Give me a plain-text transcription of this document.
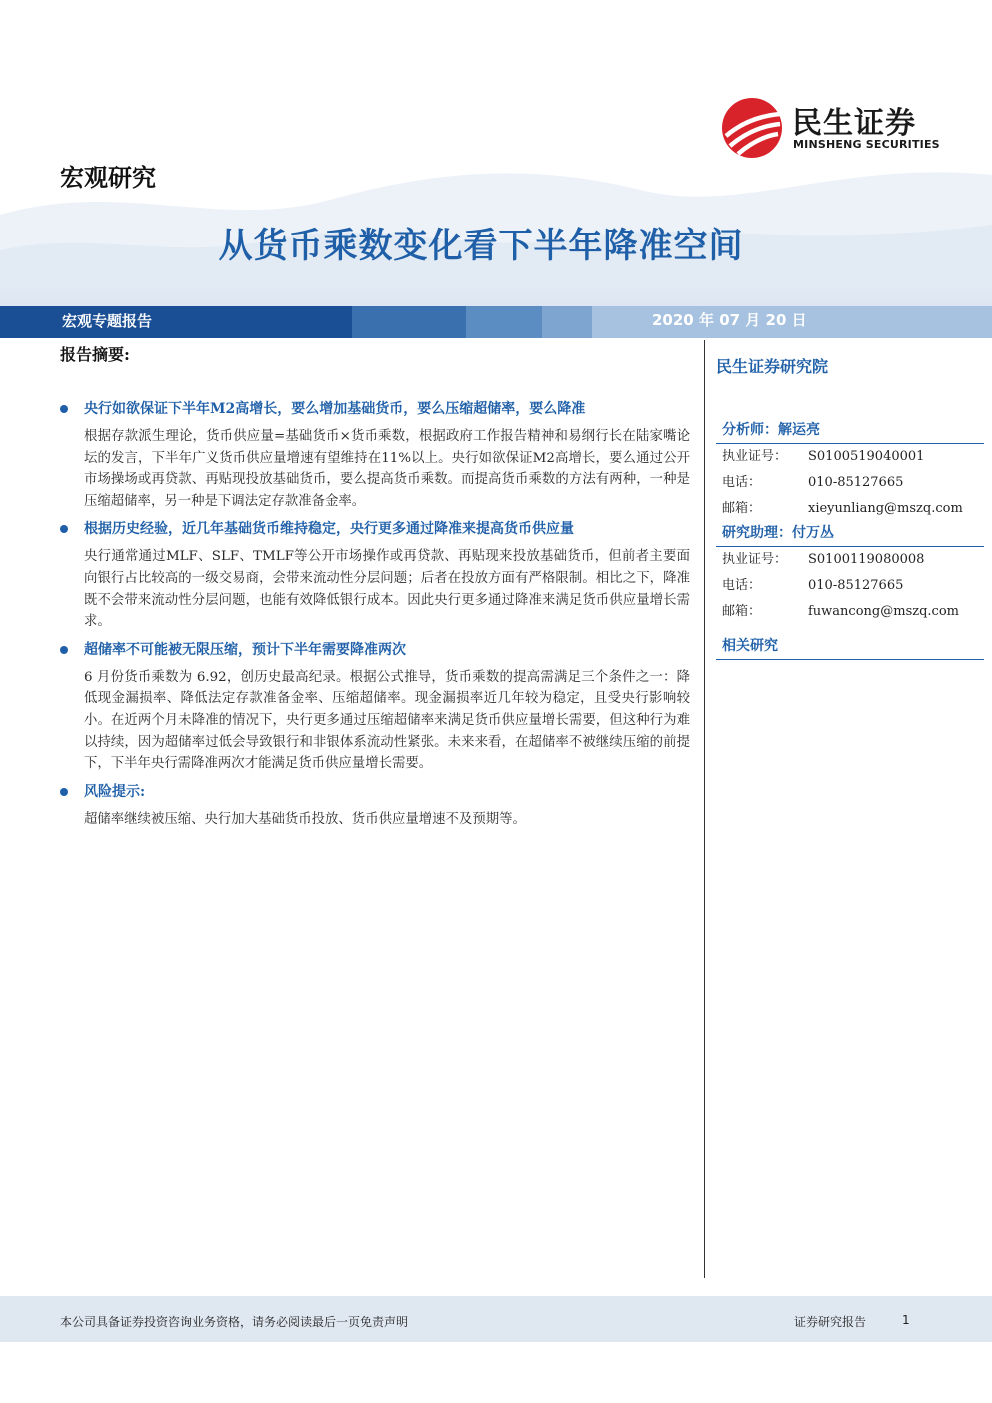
宏观研究
民生证券
MINSHENG SECURITIES
从货币乘数变化看下半年降准空间
宏观专题报告	2020 年 07 月 20 日
报告摘要:
央行如欲保证下半年M2高增长，要么增加基础货币，要么压缩超储率，要么降准
根据存款派生理论，货币供应量=基础货币×货币乘数，根据政府工作报告精神和易纲行长在陆家嘴论坛的发言，下半年广义货币供应量增速有望维持在11%以上。央行如欲保证M2高增长，要么通过公开市场操场或再贷款、再贴现投放基础货币，要么提高货币乘数。而提高货币乘数的方法有两种，一种是压缩超储率，另一种是下调法定存款准备金率。
根据历史经验，近几年基础货币维持稳定，央行更多通过降准来提高货币供应量
央行通常通过MLF、SLF、TMLF等公开市场操作或再贷款、再贴现来投放基础货币，但前者主要面向银行占比较高的一级交易商，会带来流动性分层问题；后者在投放方面有严格限制。相比之下，降准既不会带来流动性分层问题，也能有效降低银行成本。因此央行更多通过降准来满足货币供应量增长需求。
超储率不可能被无限压缩，预计下半年需要降准两次
6 月份货币乘数为 6.92，创历史最高纪录。根据公式推导，货币乘数的提高需满足三个条件之一：降低现金漏损率、降低法定存款准备金率、压缩超储率。现金漏损率近几年较为稳定，且受央行影响较小。在近两个月未降准的情况下，央行更多通过压缩超储率来满足货币供应量增长需要，但这种行为难以持续，因为超储率过低会导致银行和非银体系流动性紧张。未来来看，在超储率不被继续压缩的前提下，下半年央行需降准两次才能满足货币供应量增长需要。
风险提示:
超储率继续被压缩、央行加大基础货币投放、货币供应量增速不及预期等。
民生证券研究院
分析师：解运亮
执业证号：	S0100519040001
电话：	010-85127665
邮箱：	xieyunliang@mszq.com
研究助理：付万丛
执业证号：	S0100119080008
电话：	010-85127665
邮箱：	fuwancong@mszq.com
相关研究
本公司具备证券投资咨询业务资格，请务必阅读最后一页免责声明	证券研究报告	1
